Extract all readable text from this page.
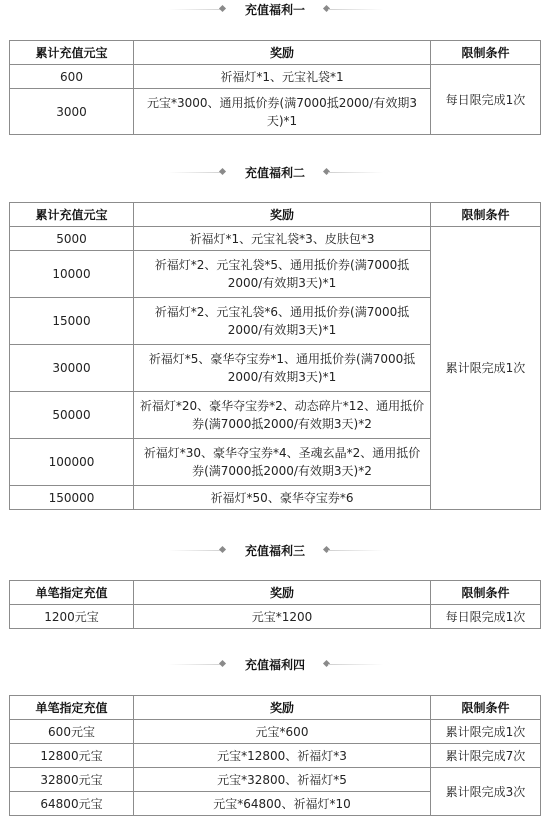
充值福利一
累计充值元宝	奖励	限制条件
600	祈福灯*1、元宝礼袋*1	每日限完成1次
3000	元宝*3000、通用抵价券(满7000抵2000/有效期3天)*1	
充值福利二
累计充值元宝	奖励	限制条件
5000	祈福灯*1、元宝礼袋*3、皮肤包*3	累计限完成1次
10000	祈福灯*2、元宝礼袋*5、通用抵价券(满7000抵2000/有效期3天)*1	
15000	祈福灯*2、元宝礼袋*6、通用抵价券(满7000抵2000/有效期3天)*1	
30000	祈福灯*5、豪华夺宝券*1、通用抵价券(满7000抵2000/有效期3天)*1	
50000	祈福灯*20、豪华夺宝券*2、动态碎片*12、通用抵价券(满7000抵2000/有效期3天)*2	
100000	祈福灯*30、豪华夺宝券*4、圣魂玄晶*2、通用抵价券(满7000抵2000/有效期3天)*2	
150000	祈福灯*50、豪华夺宝券*6	
充值福利三
单笔指定充值	奖励	限制条件
1200元宝	元宝*1200	每日限完成1次
充值福利四
单笔指定充值	奖励	限制条件
600元宝	元宝*600	累计限完成1次
12800元宝	元宝*12800、祈福灯*3	累计限完成7次
32800元宝	元宝*32800、祈福灯*5	累计限完成3次
64800元宝	元宝*64800、祈福灯*10	
